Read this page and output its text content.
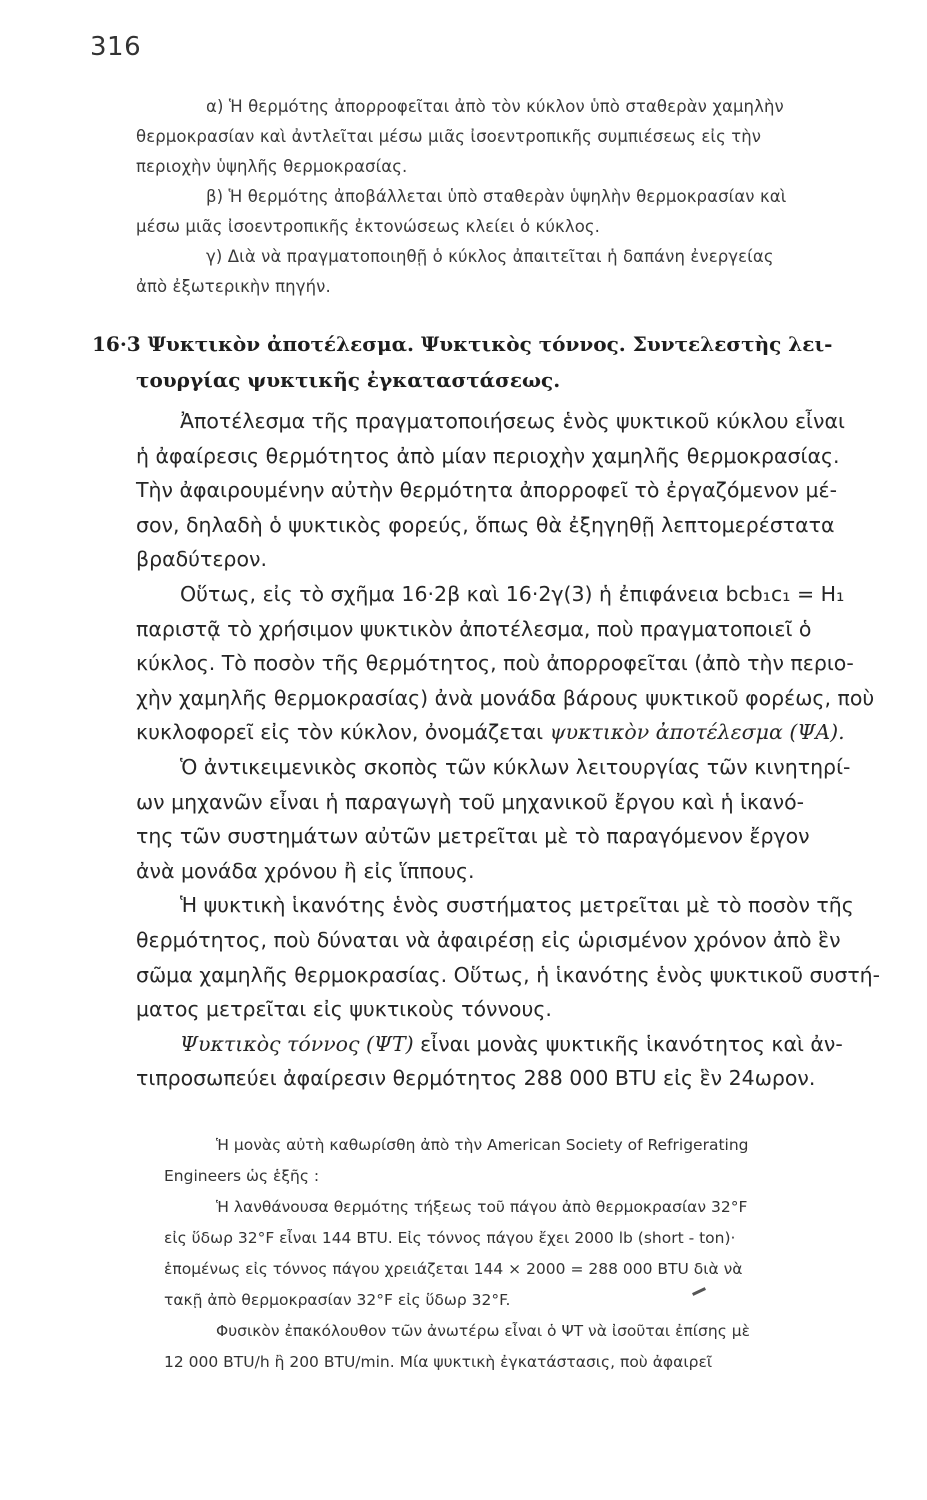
316
α) Ἡ θερμότης ἀπορροφεῖται ἀπὸ τὸν κύκλον ὑπὸ σταθερὰν χαμηλὴν
θερμοκρασίαν καὶ ἀντλεῖται μέσω μιᾶς ἰσοεντροπικῆς συμπιέσεως εἰς τὴν
περιοχὴν ὑψηλῆς θερμοκρασίας.
β) Ἡ θερμότης ἀποβάλλεται ὑπὸ σταθερὰν ὑψηλὴν θερμοκρασίαν καὶ
μέσω μιᾶς ἰσοεντροπικῆς ἐκτονώσεως κλείει ὁ κύκλος.
γ) Διὰ νὰ πραγματοποιηθῇ ὁ κύκλος ἀπαιτεῖται ἡ δαπάνη ἐνεργείας
ἀπὸ ἐξωτερικὴν πηγήν.
16·3 Ψυκτικὸν ἀποτέλεσμα. Ψυκτικὸς τόννος. Συντελεστὴς λει-
τουργίας ψυκτικῆς ἐγκαταστάσεως.
Ἀποτέλεσμα τῆς πραγματοποιήσεως ἑνὸς ψυκτικοῦ κύκλου εἶναι
ἡ ἀφαίρεσις θερμότητος ἀπὸ μίαν περιοχὴν χαμηλῆς θερμοκρασίας.
Τὴν ἀφαιρουμένην αὐτὴν θερμότητα ἀπορροφεῖ τὸ ἐργαζόμενον μέ-
σον, δηλαδὴ ὁ ψυκτικὸς φορεύς, ὅπως θὰ ἐξηγηθῇ λεπτομερέστατα
βραδύτερον.
Οὕτως, εἰς τὸ σχῆμα 16·2β καὶ 16·2γ(3) ἡ ἐπιφάνεια bcb₁c₁ = H₁
παριστᾷ τὸ χρήσιμον ψυκτικὸν ἀποτέλεσμα, ποὺ πραγματοποιεῖ ὁ
κύκλος. Τὸ ποσὸν τῆς θερμότητος, ποὺ ἀπορροφεῖται (ἀπὸ τὴν περιο-
χὴν χαμηλῆς θερμοκρασίας) ἀνὰ μονάδα βάρους ψυκτικοῦ φορέως, ποὺ
κυκλοφορεῖ εἰς τὸν κύκλον, ὀνομάζεται ψυκτικὸν ἀποτέλεσμα (ΨΑ).
Ὁ ἀντικειμενικὸς σκοπὸς τῶν κύκλων λειτουργίας τῶν κινητηρί-
ων μηχανῶν εἶναι ἡ παραγωγὴ τοῦ μηχανικοῦ ἔργου καὶ ἡ ἱκανό-
της τῶν συστημάτων αὐτῶν μετρεῖται μὲ τὸ παραγόμενον ἔργον
ἀνὰ μονάδα χρόνου ἢ εἰς ἵππους.
Ἡ ψυκτικὴ ἱκανότης ἑνὸς συστήματος μετρεῖται μὲ τὸ ποσὸν τῆς
θερμότητος, ποὺ δύναται νὰ ἀφαιρέσῃ εἰς ὡρισμένον χρόνον ἀπὸ ἓν
σῶμα χαμηλῆς θερμοκρασίας. Οὕτως, ἡ ἱκανότης ἑνὸς ψυκτικοῦ συστή-
ματος μετρεῖται εἰς ψυκτικοὺς τόννους.
Ψυκτικὸς τόννος (ΨΤ) εἶναι μονὰς ψυκτικῆς ἱκανότητος καὶ ἀν-
τιπροσωπεύει ἀφαίρεσιν θερμότητος 288 000 BTU εἰς ἓν 24ωρον.
Ἡ μονὰς αὐτὴ καθωρίσθη ἀπὸ τὴν American Society of Refrigerating
Engineers ὡς ἑξῆς :
Ἡ λανθάνουσα θερμότης τήξεως τοῦ πάγου ἀπὸ θερμοκρασίαν 32°F
εἰς ὕδωρ 32°F εἶναι 144 BTU. Εἰς τόννος πάγου ἔχει 2000 lb (short - ton)·
ἑπομένως εἰς τόννος πάγου χρειάζεται 144 × 2000 = 288 000 BTU διὰ νὰ
τακῇ ἀπὸ θερμοκρασίαν 32°F εἰς ὕδωρ 32°F.
Φυσικὸν ἐπακόλουθον τῶν ἀνωτέρω εἶναι ὁ ΨΤ νὰ ἰσοῦται ἐπίσης μὲ
12 000 BTU/h ἢ 200 BTU/min. Μία ψυκτικὴ ἐγκατάστασις, ποὺ ἀφαιρεῖ
